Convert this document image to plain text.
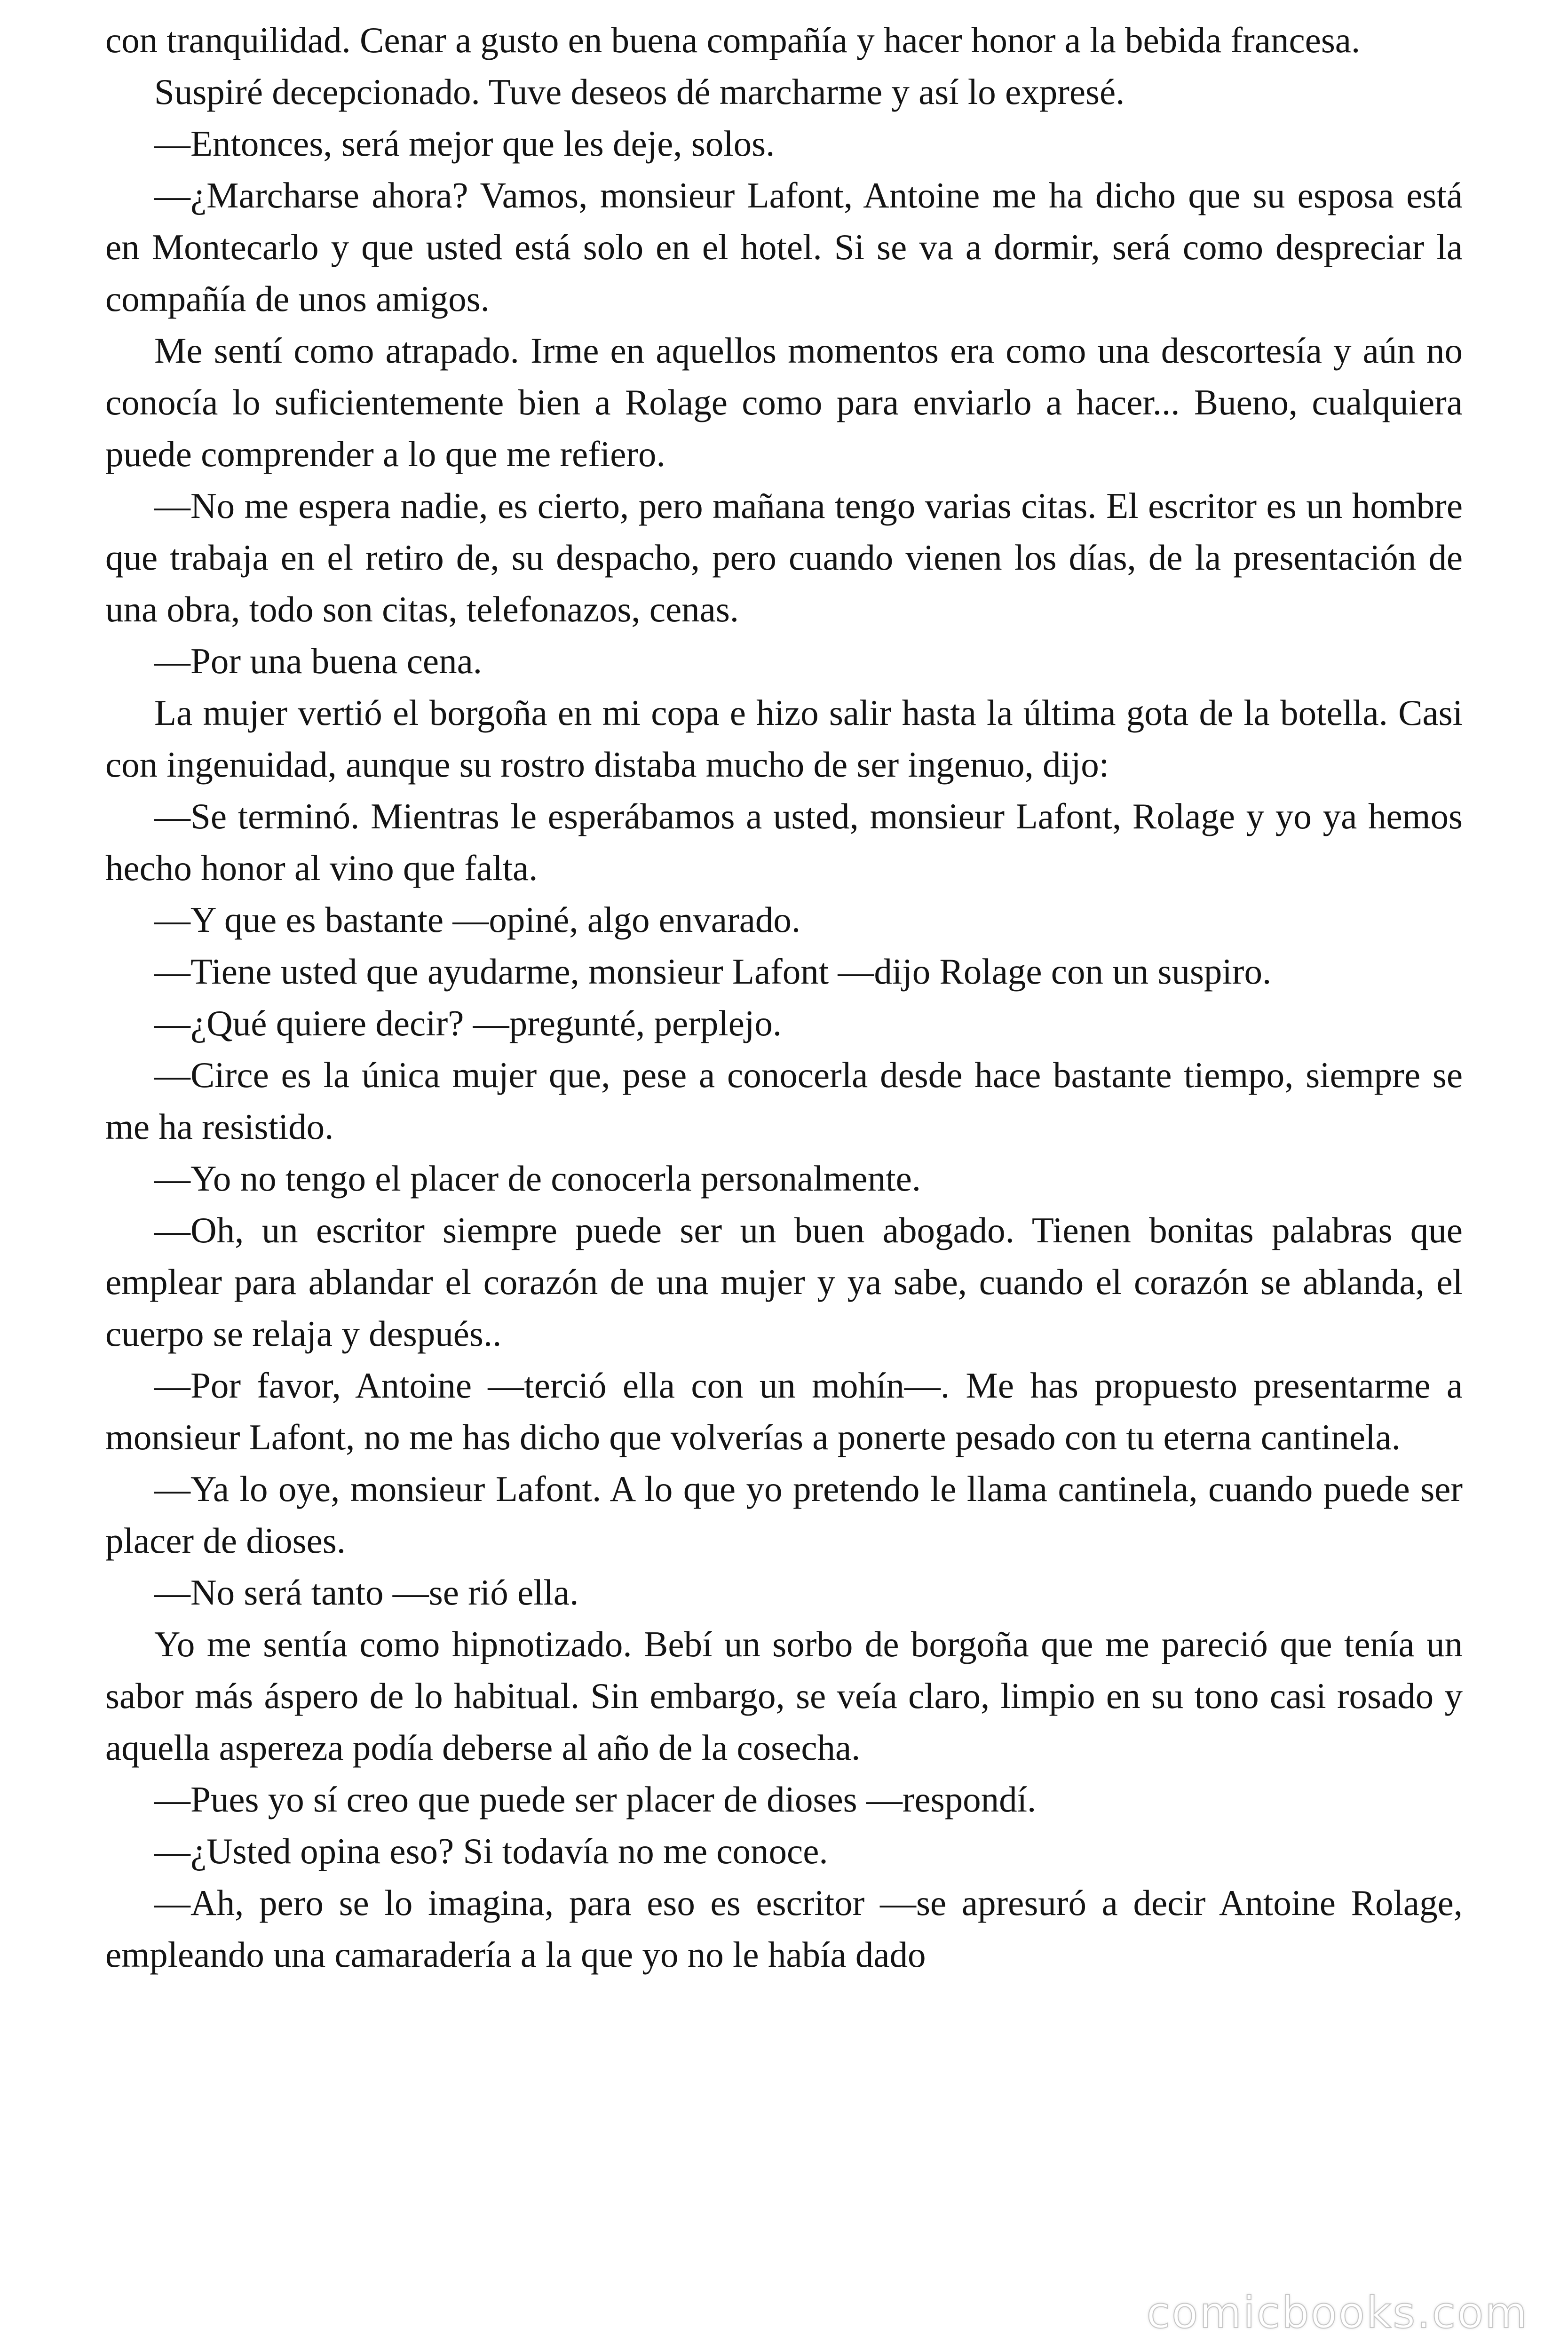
con tranquilidad. Cenar a gusto en buena compañía y hacer honor a la bebida francesa.

Suspiré decepcionado. Tuve deseos dé marcharme y así lo expresé.

—Entonces, será mejor que les deje, solos.

—¿Marcharse ahora? Vamos, monsieur Lafont, Antoine me ha dicho que su esposa está en Montecarlo y que usted está solo en el hotel. Si se va a dormir, será como despreciar la compañía de unos amigos.

Me sentí como atrapado. Irme en aquellos momentos era como una descortesía y aún no conocía lo suficientemente bien a Rolage como para enviarlo a hacer... Bueno, cualquiera puede comprender a lo que me refiero.

—No me espera nadie, es cierto, pero mañana tengo varias citas. El escritor es un hombre que trabaja en el retiro de, su despacho, pero cuando vienen los días, de la presentación de una obra, todo son citas, telefonazos, cenas.

—Por una buena cena.

La mujer vertió el borgoña en mi copa e hizo salir hasta la última gota de la botella. Casi con ingenuidad, aunque su rostro distaba mucho de ser ingenuo, dijo:

—Se terminó. Mientras le esperábamos a usted, monsieur Lafont, Rolage y yo ya hemos hecho honor al vino que falta.

—Y que es bastante —opiné, algo envarado.

—Tiene usted que ayudarme, monsieur Lafont —dijo Rolage con un suspiro.

—¿Qué quiere decir? —pregunté, perplejo.

—Circe es la única mujer que, pese a conocerla desde hace bastante tiempo, siempre se me ha resistido.

—Yo no tengo el placer de conocerla personalmente.

—Oh, un escritor siempre puede ser un buen abogado. Tienen bonitas palabras que emplear para ablandar el corazón de una mujer y ya sabe, cuando el corazón se ablanda, el cuerpo se relaja y después..

—Por favor, Antoine —terció ella con un mohín—. Me has propuesto presentarme a monsieur Lafont, no me has dicho que volverías a ponerte pesado con tu eterna cantinela.

—Ya lo oye, monsieur Lafont. A lo que yo pretendo le llama cantinela, cuando puede ser placer de dioses.

—No será tanto —se rió ella.

Yo me sentía como hipnotizado. Bebí un sorbo de borgoña que me pareció que tenía un sabor más áspero de lo habitual. Sin embargo, se veía claro, limpio en su tono casi rosado y aquella aspereza podía deberse al año de la cosecha.

—Pues yo sí creo que puede ser placer de dioses —respondí.

—¿Usted opina eso? Si todavía no me conoce.

—Ah, pero se lo imagina, para eso es escritor —se apresuró a decir Antoine Rolage, empleando una camaradería a la que yo no le había dado

comicbooks.com
